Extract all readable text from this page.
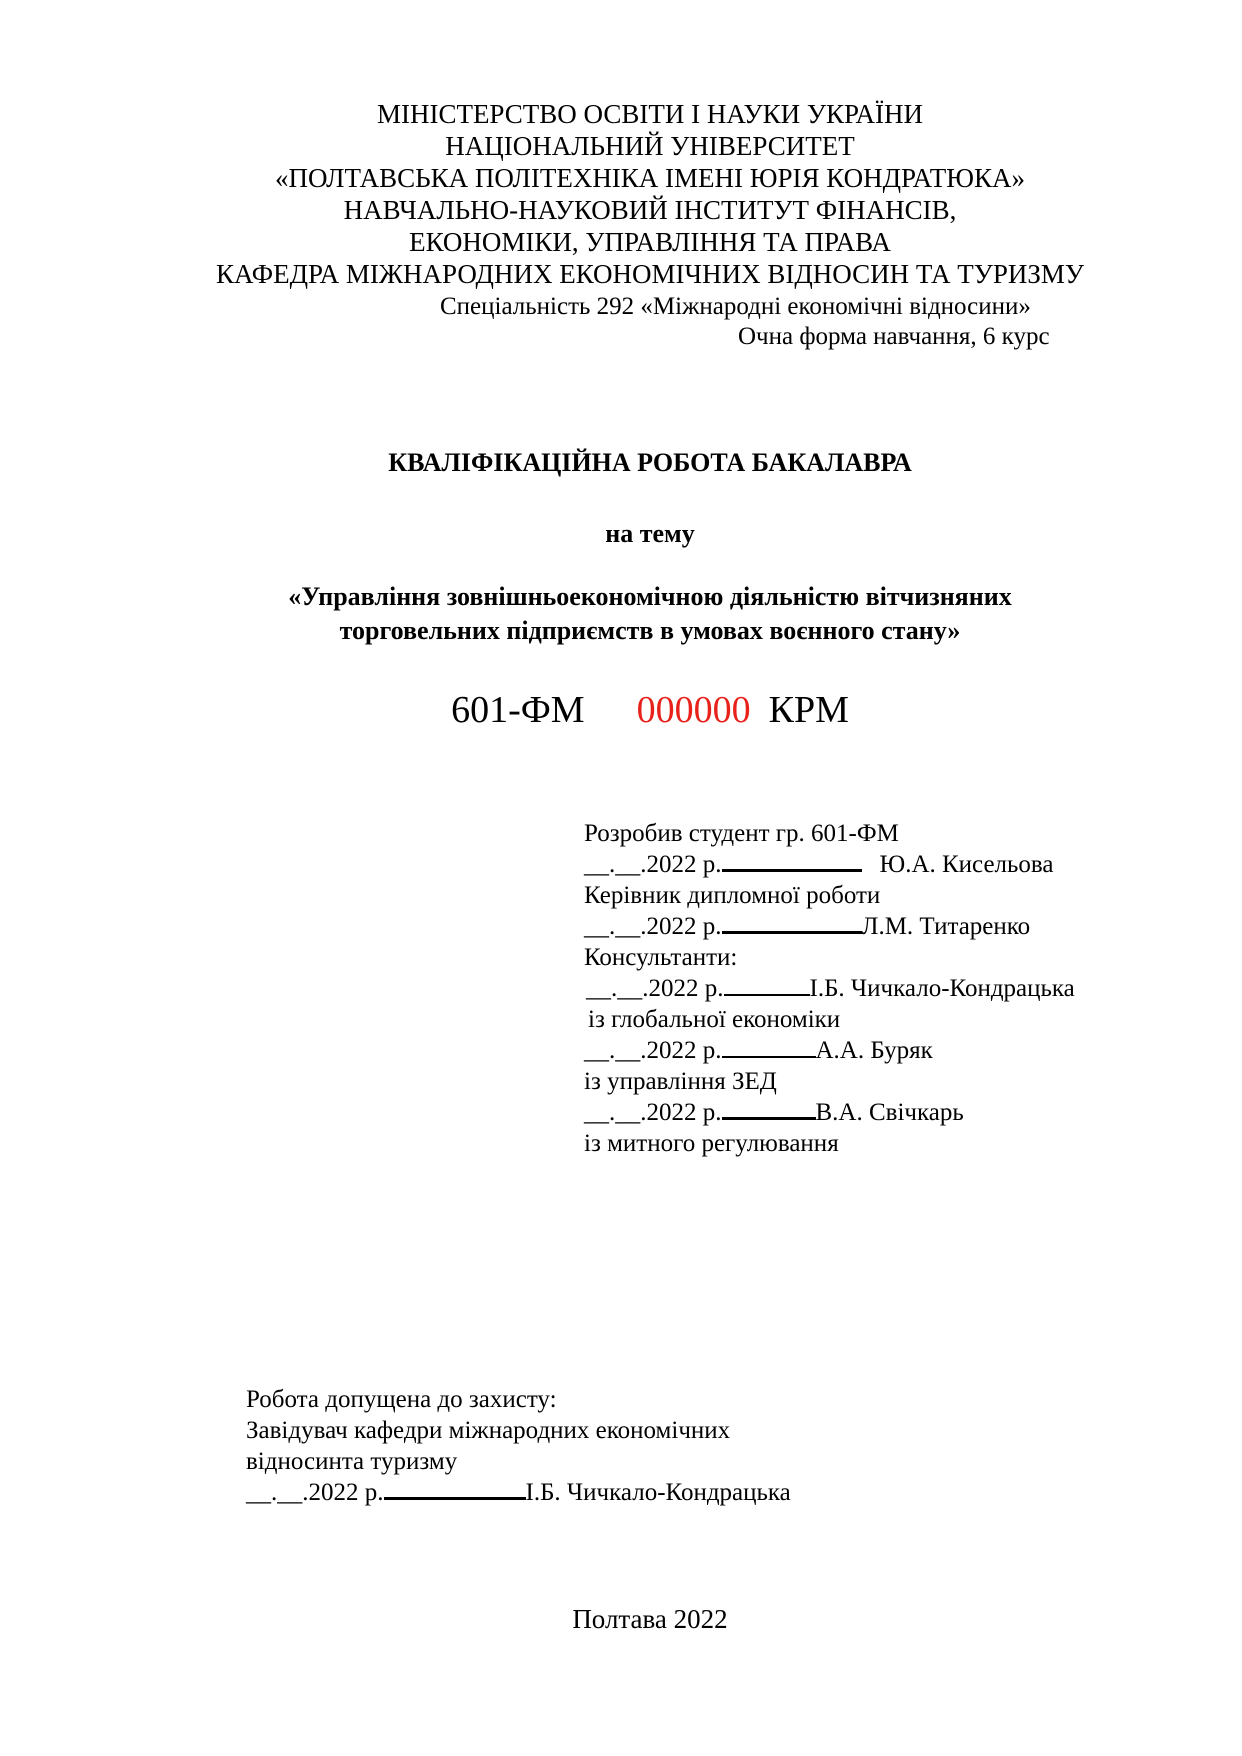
МІНІСТЕРСТВО ОСВІТИ І НАУКИ УКРАЇНИ
НАЦІОНАЛЬНИЙ УНІВЕРСИТЕТ
«ПОЛТАВСЬКА ПОЛІТЕХНІКА ІМЕНІ ЮРІЯ КОНДРАТЮКА»
НАВЧАЛЬНО-НАУКОВИЙ ІНСТИТУТ ФІНАНСІВ,
ЕКОНОМІКИ, УПРАВЛІННЯ ТА ПРАВА
КАФЕДРА МІЖНАРОДНИХ ЕКОНОМІЧНИХ ВІДНОСИН ТА ТУРИЗМУ
Спеціальність 292 «Міжнародні економічні відносини»
Очна форма навчання, 6 курс
КВАЛІФІКАЦІЙНА РОБОТА БАКАЛАВРА
на тему
«Управління зовнішньоекономічною діяльністю вітчизняних
торговельних підприємств в умовах воєнного стану»
601-ФМ 000000 КРМ
Розробив студент гр. 601-ФМ
__.__.2022 р.	Ю.А. Кисельова
Керівник дипломної роботи
__.__.2022 р.	Л.М. Титаренко
Консультанти:
__.__.2022 р.	І.Б. Чичкало-Кондрацька
із глобальної економіки
__.__.2022 р.	А.А. Буряк
із управління ЗЕД
__.__.2022 р.	В.А. Свічкарь
із митного регулювання
Робота допущена до захисту:
Завідувач кафедри міжнародних економічних
відносинта туризму
__.__.2022 р.	І.Б. Чичкало-Кондрацька
Полтава 2022
